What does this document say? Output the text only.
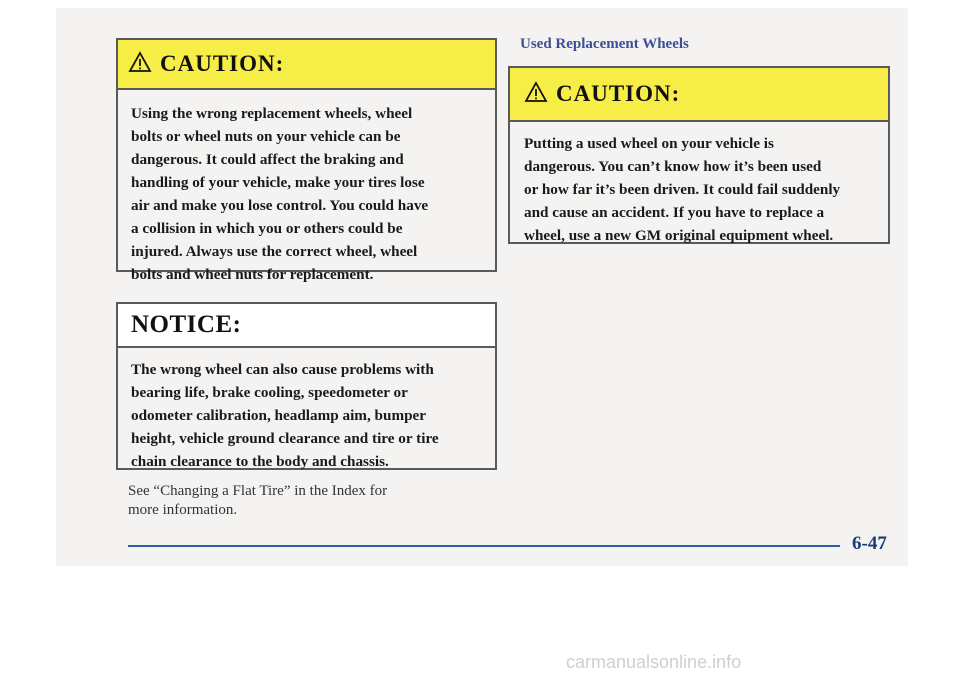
CAUTION:
Using the wrong replacement wheels, wheel
bolts or wheel nuts on your vehicle can be
dangerous. It could affect the braking and
handling of your vehicle, make your tires lose
air and make you lose control. You could have
a collision in which you or others could be
injured. Always use the correct wheel, wheel
bolts and wheel nuts for replacement.
NOTICE:
The wrong wheel can also cause problems with
bearing life, brake cooling, speedometer or
odometer calibration, headlamp aim, bumper
height, vehicle ground clearance and tire or tire
chain clearance to the body and chassis.
See “Changing a Flat Tire” in the Index for
more information.
Used Replacement Wheels
CAUTION:
Putting a used wheel on your vehicle is
dangerous. You can’t know how it’s been used
or how far it’s been driven. It could fail suddenly
and cause an accident. If you have to replace a
wheel, use a new GM original equipment wheel.
6-47
carmanualsonline.info
